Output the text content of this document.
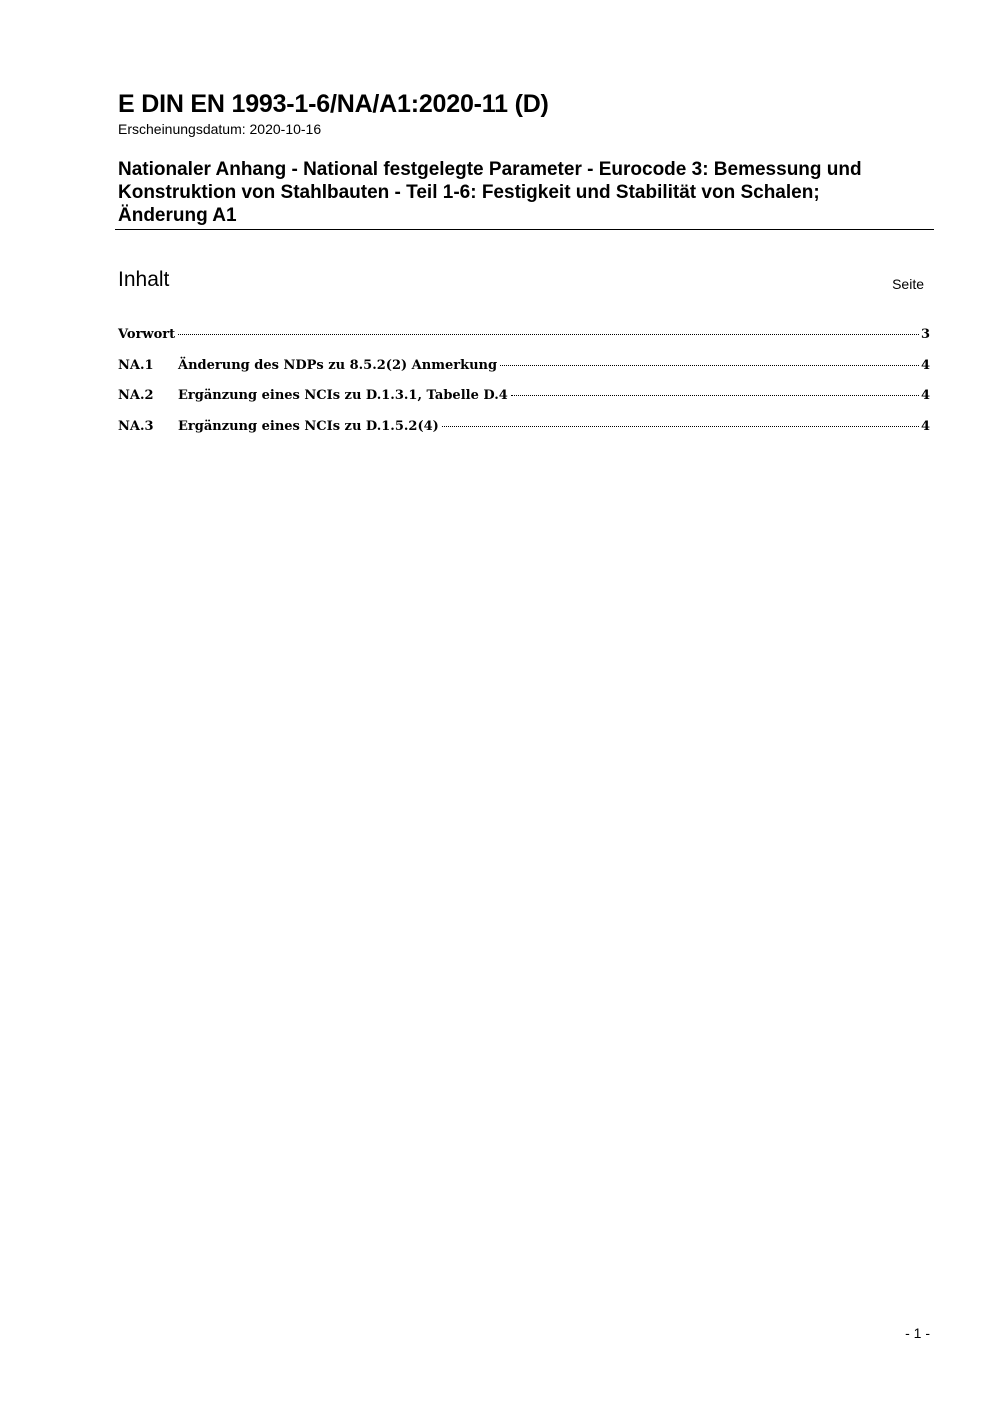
E DIN EN 1993-1-6/NA/A1:2020-11 (D)
Erscheinungsdatum: 2020-10-16
Nationaler Anhang - National festgelegte Parameter - Eurocode 3: Bemessung und
Konstruktion von Stahlbauten - Teil 1-6: Festigkeit und Stabilität von Schalen;
Änderung A1
Inhalt	Seite
Vorwort	3
NA.1	Änderung des NDPs zu 8.5.2(2) Anmerkung	4
NA.2	Ergänzung eines NCIs zu D.1.3.1, Tabelle D.4	4
NA.3	Ergänzung eines NCIs zu D.1.5.2(4)	4
- 1 -
